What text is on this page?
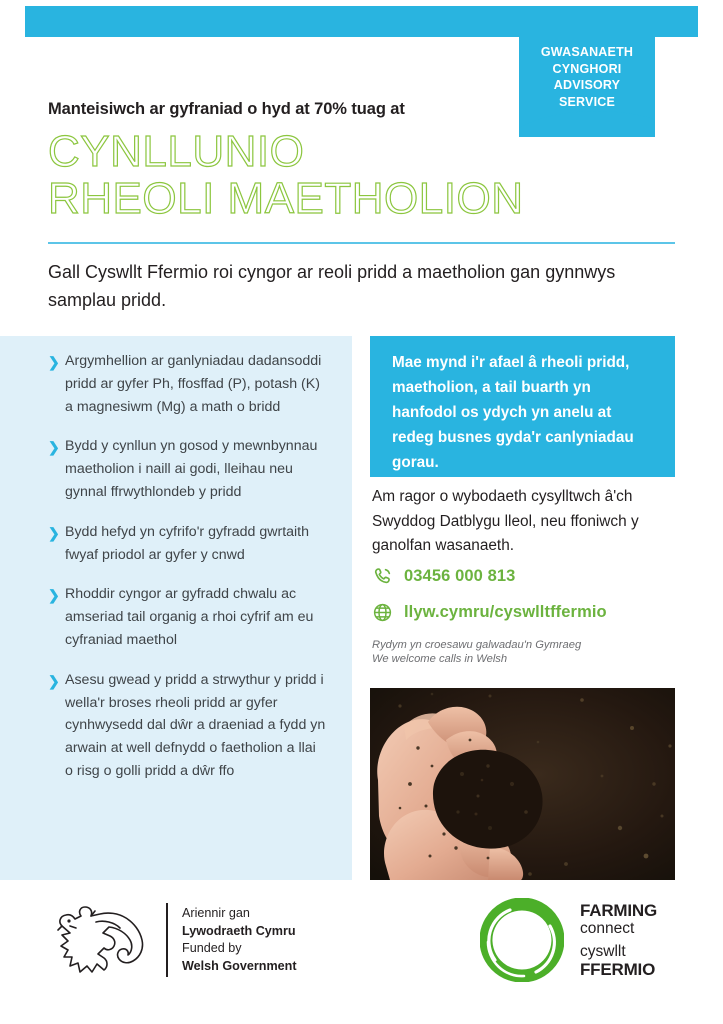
GWASANAETH
CYNGHORI
ADVISORY
SERVICE
Manteisiwch ar gyfraniad o hyd at 70% tuag at
CYNLLUNIO
RHEOLI MAETHOLION
Gall Cyswllt Ffermio roi cyngor ar reoli pridd a maetholion gan gynnwys samplau pridd.
❯ Argymhellion ar ganlyniadau dadansoddi pridd ar gyfer Ph, ffosffad (P), potash (K) a magnesiwm (Mg) a math o bridd
❯ Bydd y cynllun yn gosod y mewnbynnau maetholion i naill ai godi, lleihau neu gynnal ffrwythlondeb y pridd
❯ Bydd hefyd yn cyfrifo'r gyfradd gwrtaith fwyaf priodol ar gyfer y cnwd
❯ Rhoddir cyngor ar gyfradd chwalu ac amseriad tail organig a rhoi cyfrif am eu cyfraniad maethol
❯ Asesu gwead y pridd a strwythur y pridd i wella'r broses rheoli pridd ar gyfer cynhwysedd dal dŵr a draeniad a fydd yn arwain at well defnydd o faetholion a llai o risg o golli pridd a dŵr ffo
Mae mynd i'r afael â rheoli pridd, maetholion, a tail buarth yn hanfodol os ydych yn anelu at redeg busnes gyda'r canlyniadau gorau.
Am ragor o wybodaeth cysylltwch â'ch Swyddog Datblygu lleol, neu ffoniwch y ganolfan wasanaeth.
03456 000 813
llyw.cymru/cyswlltffermio
Rydym yn croesawu galwadau'n Gymraeg
We welcome calls in Welsh
Ariennir gan
Lywodraeth Cymru
Funded by
Welsh Government
FARMING
connect
cyswllt
FFERMIO
